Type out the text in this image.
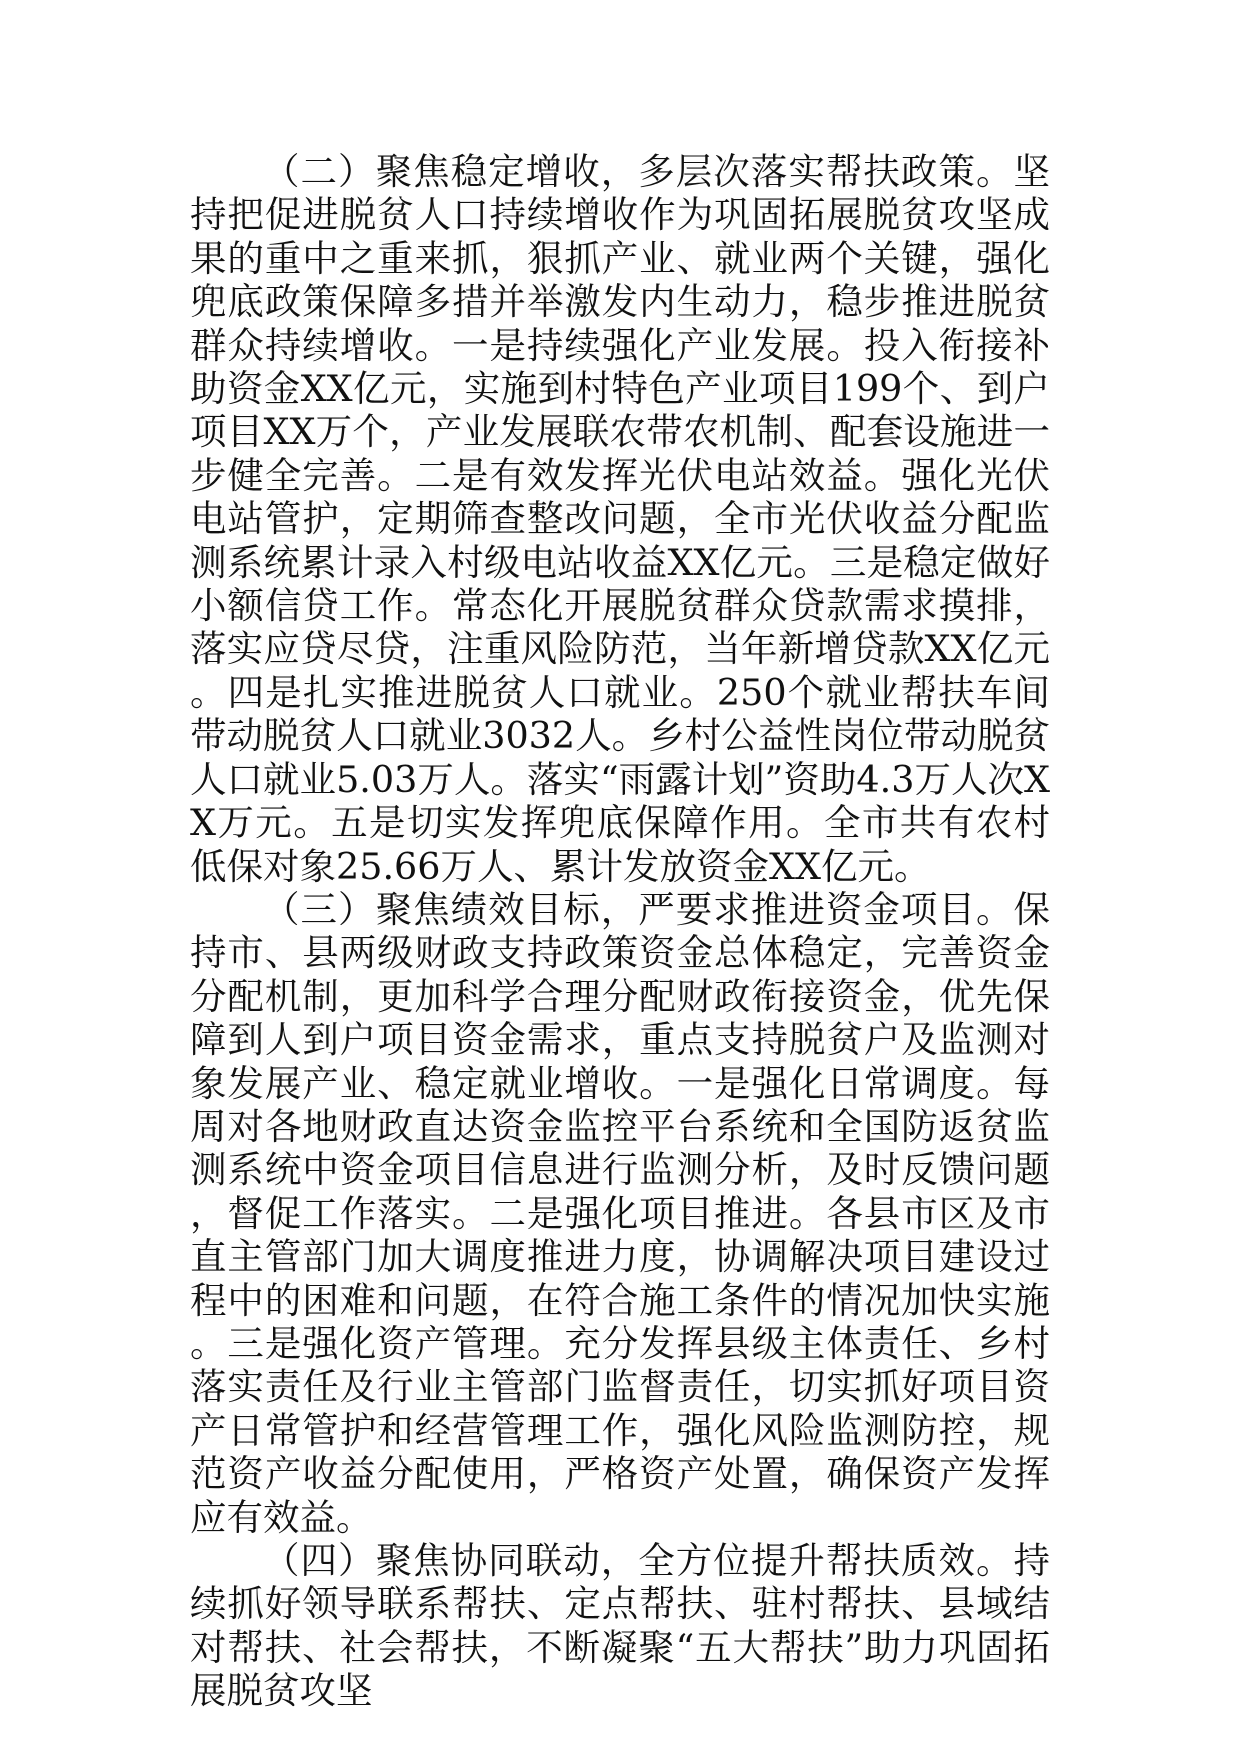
（二）聚焦稳定增收，多层次落实帮扶政策。坚持把促进脱贫人口持续增收作为巩固拓展脱贫攻坚成果的重中之重来抓，狠抓产业、就业两个关键，强化兜底政策保障多措并举激发内生动力，稳步推进脱贫群众持续增收。一是持续强化产业发展。投入衔接补助资金XX亿元，实施到村特色产业项目199个、到户项目XX万个，产业发展联农带农机制、配套设施进一步健全完善。二是有效发挥光伏电站效益。强化光伏电站管护，定期筛查整改问题，全市光伏收益分配监测系统累计录入村级电站收益XX亿元。三是稳定做好小额信贷工作。常态化开展脱贫群众贷款需求摸排，落实应贷尽贷，注重风险防范，当年新增贷款XX亿元。四是扎实推进脱贫人口就业。250个就业帮扶车间带动脱贫人口就业3032人。乡村公益性岗位带动脱贫人口就业5.03万人。落实“雨露计划”资助4.3万人次XX万元。五是切实发挥兜底保障作用。全市共有农村低保对象25.66万人、累计发放资金XX亿元。

（三）聚焦绩效目标，严要求推进资金项目。保持市、县两级财政支持政策资金总体稳定，完善资金分配机制，更加科学合理分配财政衔接资金，优先保障到人到户项目资金需求，重点支持脱贫户及监测对象发展产业、稳定就业增收。一是强化日常调度。每周对各地财政直达资金监控平台系统和全国防返贫监测系统中资金项目信息进行监测分析，及时反馈问题，督促工作落实。二是强化项目推进。各县市区及市直主管部门加大调度推进力度，协调解决项目建设过程中的困难和问题，在符合施工条件的情况加快实施。三是强化资产管理。充分发挥县级主体责任、乡村落实责任及行业主管部门监督责任，切实抓好项目资产日常管护和经营管理工作，强化风险监测防控，规范资产收益分配使用，严格资产处置，确保资产发挥应有效益。

（四）聚焦协同联动，全方位提升帮扶质效。持续抓好领导联系帮扶、定点帮扶、驻村帮扶、县域结对帮扶、社会帮扶，不断凝聚“五大帮扶”助力巩固拓展脱贫攻坚
